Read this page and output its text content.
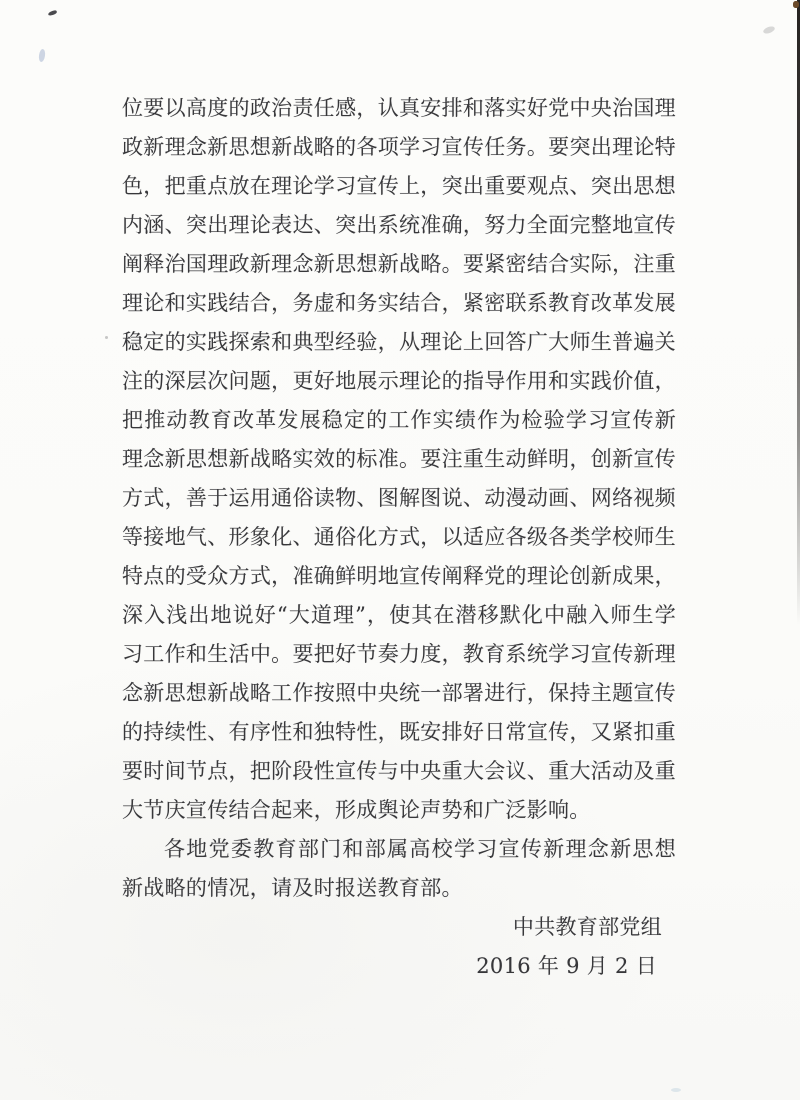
位要以高度的政治责任感，认真安排和落实好党中央治国理
政新理念新思想新战略的各项学习宣传任务。要突出理论特
色，把重点放在理论学习宣传上，突出重要观点、突出思想
内涵、突出理论表达、突出系统准确，努力全面完整地宣传
阐释治国理政新理念新思想新战略。要紧密结合实际，注重
理论和实践结合，务虚和务实结合，紧密联系教育改革发展
稳定的实践探索和典型经验，从理论上回答广大师生普遍关
注的深层次问题，更好地展示理论的指导作用和实践价值，
把推动教育改革发展稳定的工作实绩作为检验学习宣传新
理念新思想新战略实效的标准。要注重生动鲜明，创新宣传
方式，善于运用通俗读物、图解图说、动漫动画、网络视频
等接地气、形象化、通俗化方式，以适应各级各类学校师生
特点的受众方式，准确鲜明地宣传阐释党的理论创新成果，
深入浅出地说好“大道理”，使其在潜移默化中融入师生学
习工作和生活中。要把好节奏力度，教育系统学习宣传新理
念新思想新战略工作按照中央统一部署进行，保持主题宣传
的持续性、有序性和独特性，既安排好日常宣传，又紧扣重
要时间节点，把阶段性宣传与中央重大会议、重大活动及重
大节庆宣传结合起来，形成舆论声势和广泛影响。
各地党委教育部门和部属高校学习宣传新理念新思想
新战略的情况，请及时报送教育部。
中共教育部党组
2016 年 9 月 2 日
